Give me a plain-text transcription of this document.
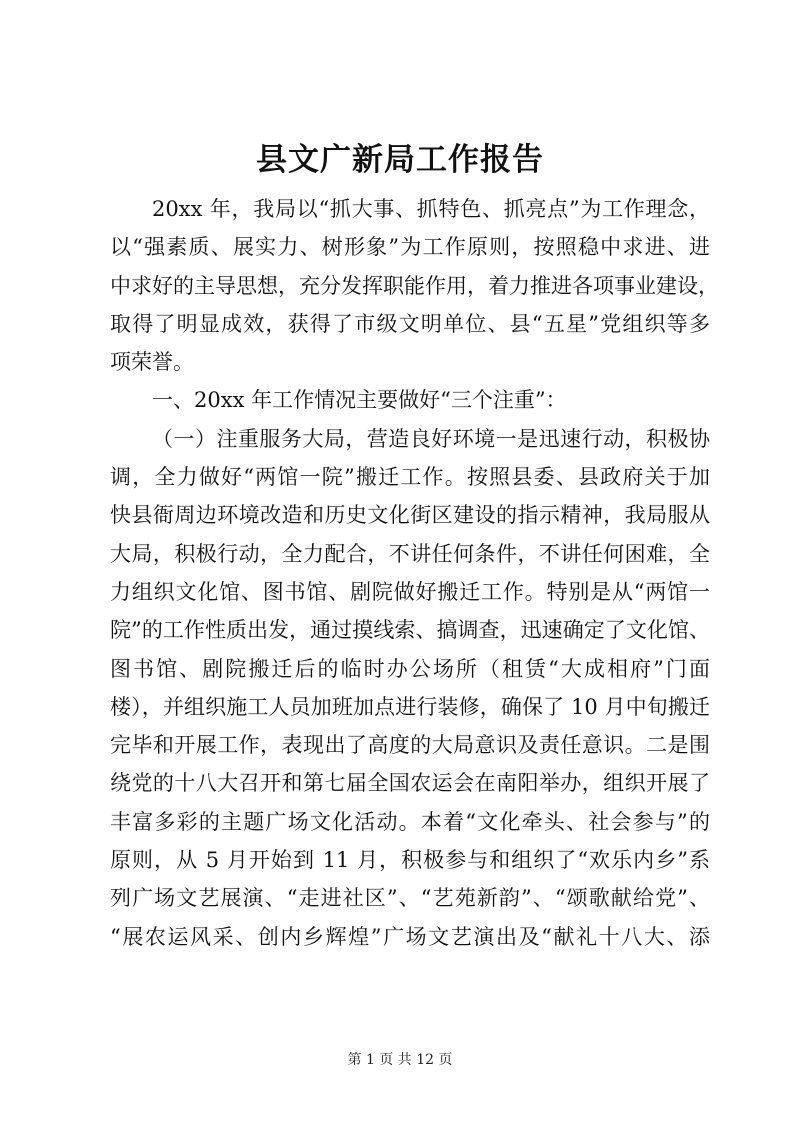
县文广新局工作报告
20xx 年，我局以“抓大事、抓特色、抓亮点”为工作理念，
以“强素质、展实力、树形象”为工作原则，按照稳中求进、进
中求好的主导思想，充分发挥职能作用，着力推进各项事业建设，
取得了明显成效，获得了市级文明单位、县“五星”党组织等多
项荣誉。
一、20xx 年工作情况主要做好“三个注重”：
（一）注重服务大局，营造良好环境一是迅速行动，积极协
调，全力做好“两馆一院”搬迁工作。按照县委、县政府关于加
快县衙周边环境改造和历史文化街区建设的指示精神，我局服从
大局，积极行动，全力配合，不讲任何条件，不讲任何困难，全
力组织文化馆、图书馆、剧院做好搬迁工作。特别是从“两馆一
院”的工作性质出发，通过摸线索、搞调查，迅速确定了文化馆、
图书馆、剧院搬迁后的临时办公场所（租赁“大成相府”门面
楼），并组织施工人员加班加点进行装修，确保了 10 月中旬搬迁
完毕和开展工作，表现出了高度的大局意识及责任意识。二是围
绕党的十八大召开和第七届全国农运会在南阳举办，组织开展了
丰富多彩的主题广场文化活动。本着“文化牵头、社会参与”的
原则，从 5 月开始到 11 月，积极参与和组织了“欢乐内乡”系
列广场文艺展演、“走进社区”、“艺苑新韵”、“颂歌献给党”、
“展农运风采、创内乡辉煌”广场文艺演出及“献礼十八大、添
第 1 页 共 12 页
